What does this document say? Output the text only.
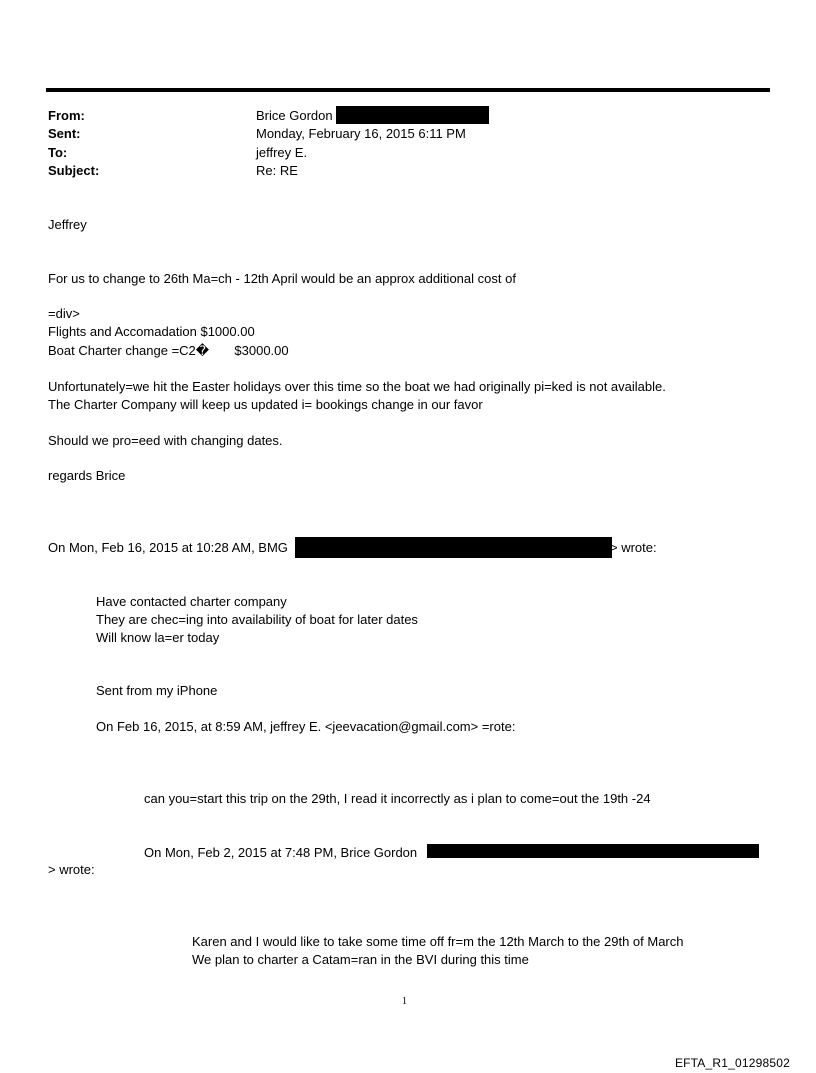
From:	Brice Gordon
Sent:	Monday, February 16, 2015 6:11 PM
To:	jeffrey E.
Subject:	Re: RE
Jeffrey
For us to change to 26th Ma=ch - 12th April would be an approx additional cost of
=div>
Flights and Accomadation $1000.00
Boat Charter change =C2�       $3000.00
Unfortunately=we hit the Easter holidays over this time so the boat we had originally pi=ked is not available.
The Charter Company will keep us updated i= bookings change in our favor
Should we pro=eed with changing dates.
regards Brice
On Mon, Feb 16, 2015 at 10:28 AM, BMG	> wrote:
Have contacted charter company
They are chec=ing into availability of boat for later dates
Will know la=er today
Sent from my iPhone
On Feb 16, 2015, at 8:59 AM, jeffrey E. <jeevacation@gmail.com> =rote:
can you=start this trip on the 29th, I read it incorrectly as i plan to come=out the 19th -24
On Mon, Feb 2, 2015 at 7:48 PM, Brice Gordon
> wrote:
Karen and I would like to take some time off fr=m the 12th March to the 29th of March
We plan to charter a Catam=ran in the BVI during this time
1
EFTA_R1_01298502
